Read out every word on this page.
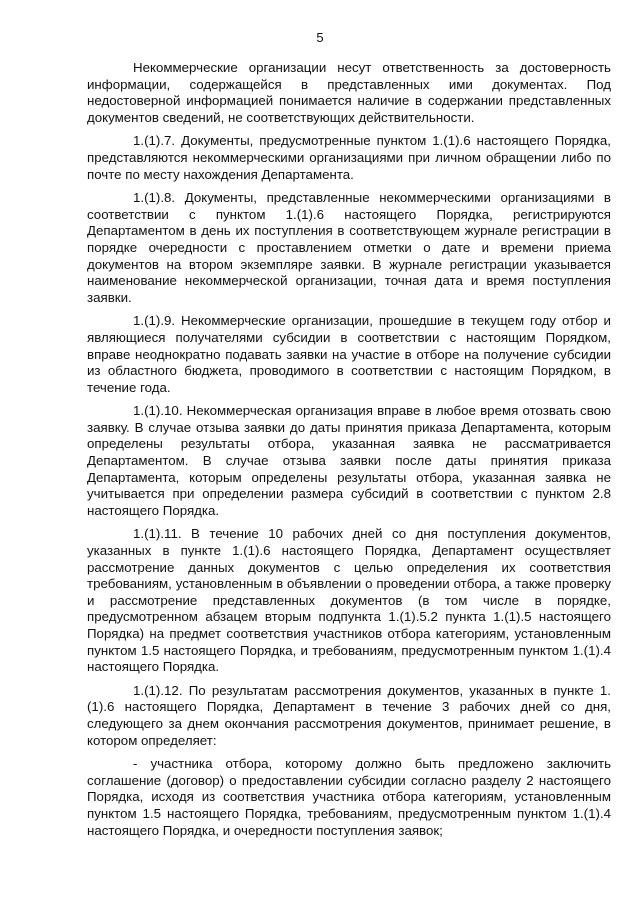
5

Некоммерческие организации несут ответственность за достоверность информации, содержащейся в представленных ими документах. Под недостоверной информацией понимается наличие в содержании представленных документов сведений, не соответствующих действительности.

1.(1).7. Документы, предусмотренные пунктом 1.(1).6 настоящего Порядка, представляются некоммерческими организациями при личном обращении либо по почте по месту нахождения Департамента.

1.(1).8. Документы, представленные некоммерческими организациями в соответствии с пунктом 1.(1).6 настоящего Порядка, регистрируются Департаментом в день их поступления в соответствующем журнале регистрации в порядке очередности с проставлением отметки о дате и времени приема документов на втором экземпляре заявки. В журнале регистрации указывается наименование некоммерческой организации, точная дата и время поступления заявки.

1.(1).9. Некоммерческие организации, прошедшие в текущем году отбор и являющиеся получателями субсидии в соответствии с настоящим Порядком, вправе неоднократно подавать заявки на участие в отборе на получение субсидии из областного бюджета, проводимого в соответствии с настоящим Порядком, в течение года.

1.(1).10. Некоммерческая организация вправе в любое время отозвать свою заявку. В случае отзыва заявки до даты принятия приказа Департамента, которым определены результаты отбора, указанная заявка не рассматривается Департаментом. В случае отзыва заявки после даты принятия приказа Департамента, которым определены результаты отбора, указанная заявка не учитывается при определении размера субсидий в соответствии с пунктом 2.8 настоящего Порядка.

1.(1).11. В течение 10 рабочих дней со дня поступления документов, указанных в пункте 1.(1).6 настоящего Порядка, Департамент осуществляет рассмотрение данных документов с целью определения их соответствия требованиям, установленным в объявлении о проведении отбора, а также проверку и рассмотрение представленных документов (в том числе в порядке, предусмотренном абзацем вторым подпункта 1.(1).5.2 пункта 1.(1).5 настоящего Порядка) на предмет соответствия участников отбора категориям, установленным пунктом 1.5 настоящего Порядка, и требованиям, предусмотренным пунктом 1.(1).4 настоящего Порядка.

1.(1).12. По результатам рассмотрения документов, указанных в пункте 1.(1).6 настоящего Порядка, Департамент в течение 3 рабочих дней со дня, следующего за днем окончания рассмотрения документов, принимает решение, в котором определяет:

- участника отбора, которому должно быть предложено заключить соглашение (договор) о предоставлении субсидии согласно разделу 2 настоящего Порядка, исходя из соответствия участника отбора категориям, установленным пунктом 1.5 настоящего Порядка, требованиям, предусмотренным пунктом 1.(1).4 настоящего Порядка, и очередности поступления заявок;
